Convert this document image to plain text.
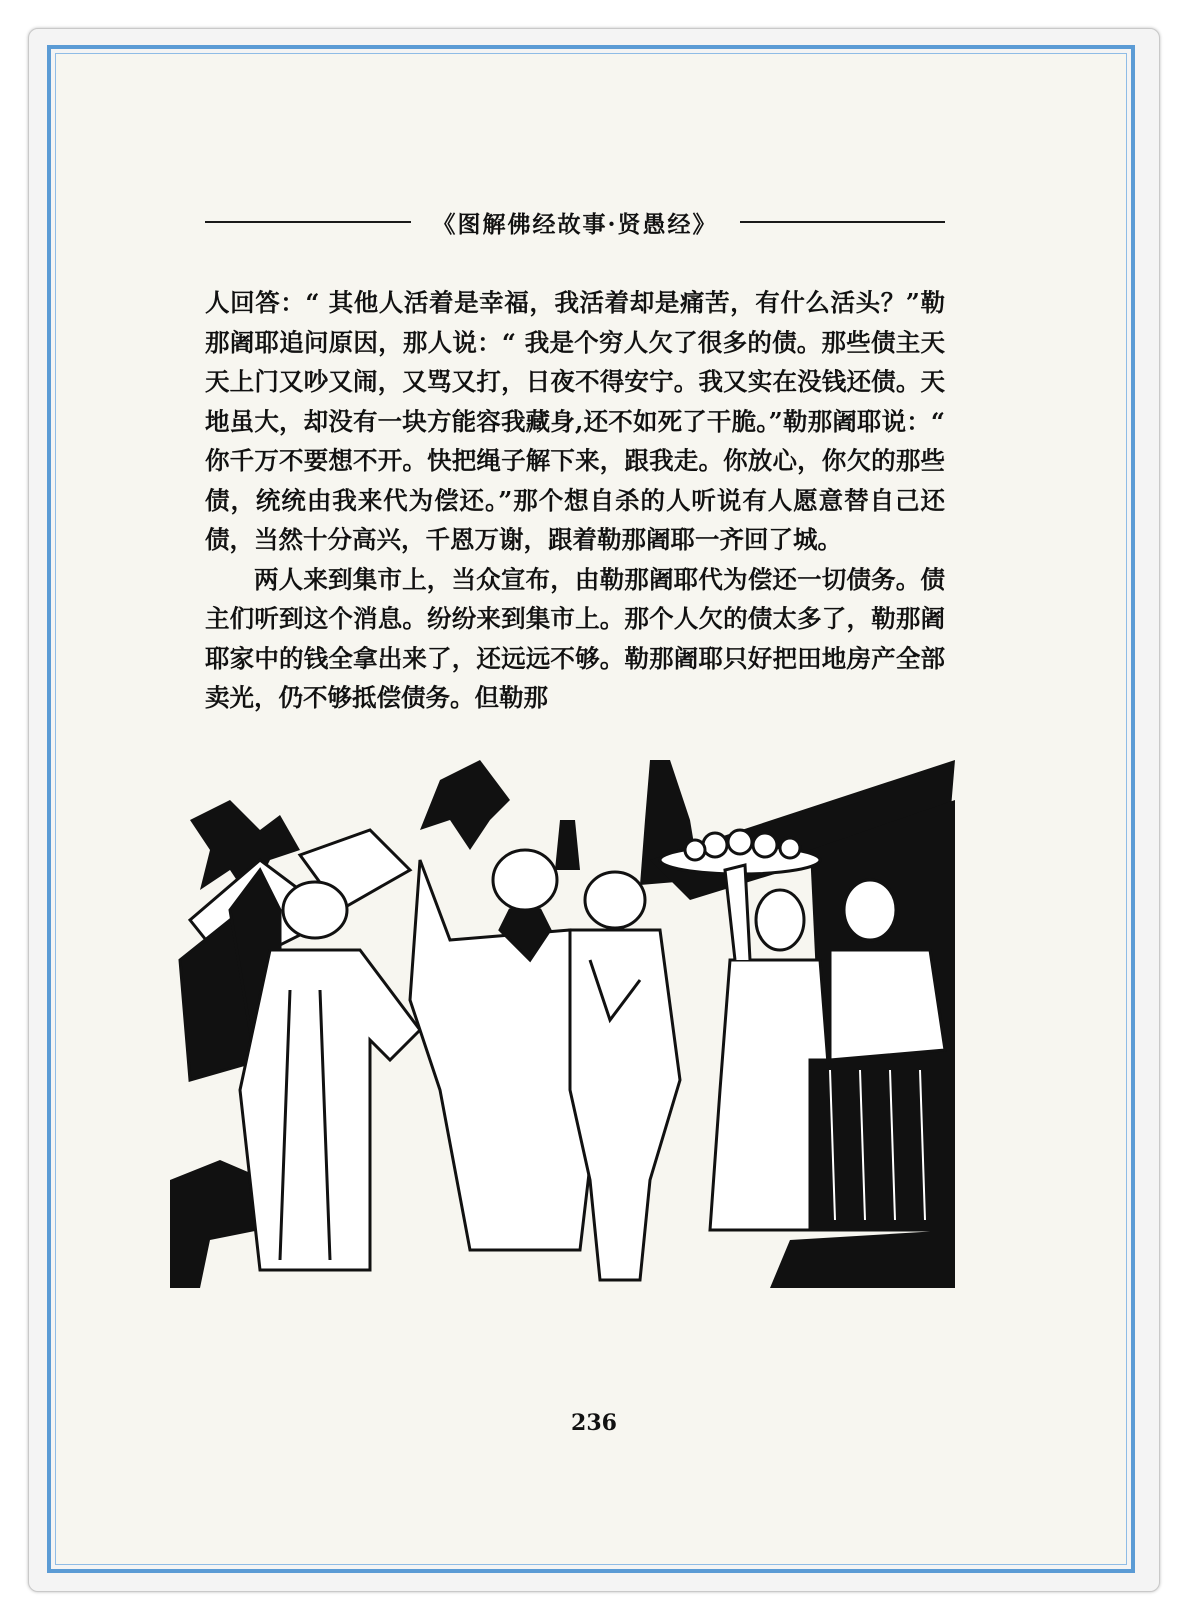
《图解佛经故事·贤愚经》

人回答：“ 其他人活着是幸福，我活着却是痛苦，有什么活头？”勒那阇耶追问原因，那人说：“ 我是个穷人欠了很多的债。那些债主天天上门又吵又闹，又骂又打，日夜不得安宁。我又实在没钱还债。天地虽大，却没有一块方能容我藏身,还不如死了干脆。”勒那阇耶说：“ 你千万不要想不开。快把绳子解下来，跟我走。你放心，你欠的那些债，统统由我来代为偿还。”那个想自杀的人听说有人愿意替自己还债，当然十分高兴，千恩万谢，跟着勒那阇耶一齐回了城。

两人来到集市上，当众宣布，由勒那阇耶代为偿还一切债务。债主们听到这个消息。纷纷来到集市上。那个人欠的债太多了，勒那阇耶家中的钱全拿出来了，还远远不够。勒那阇耶只好把田地房产全部卖光，仍不够抵偿债务。但勒那

236
